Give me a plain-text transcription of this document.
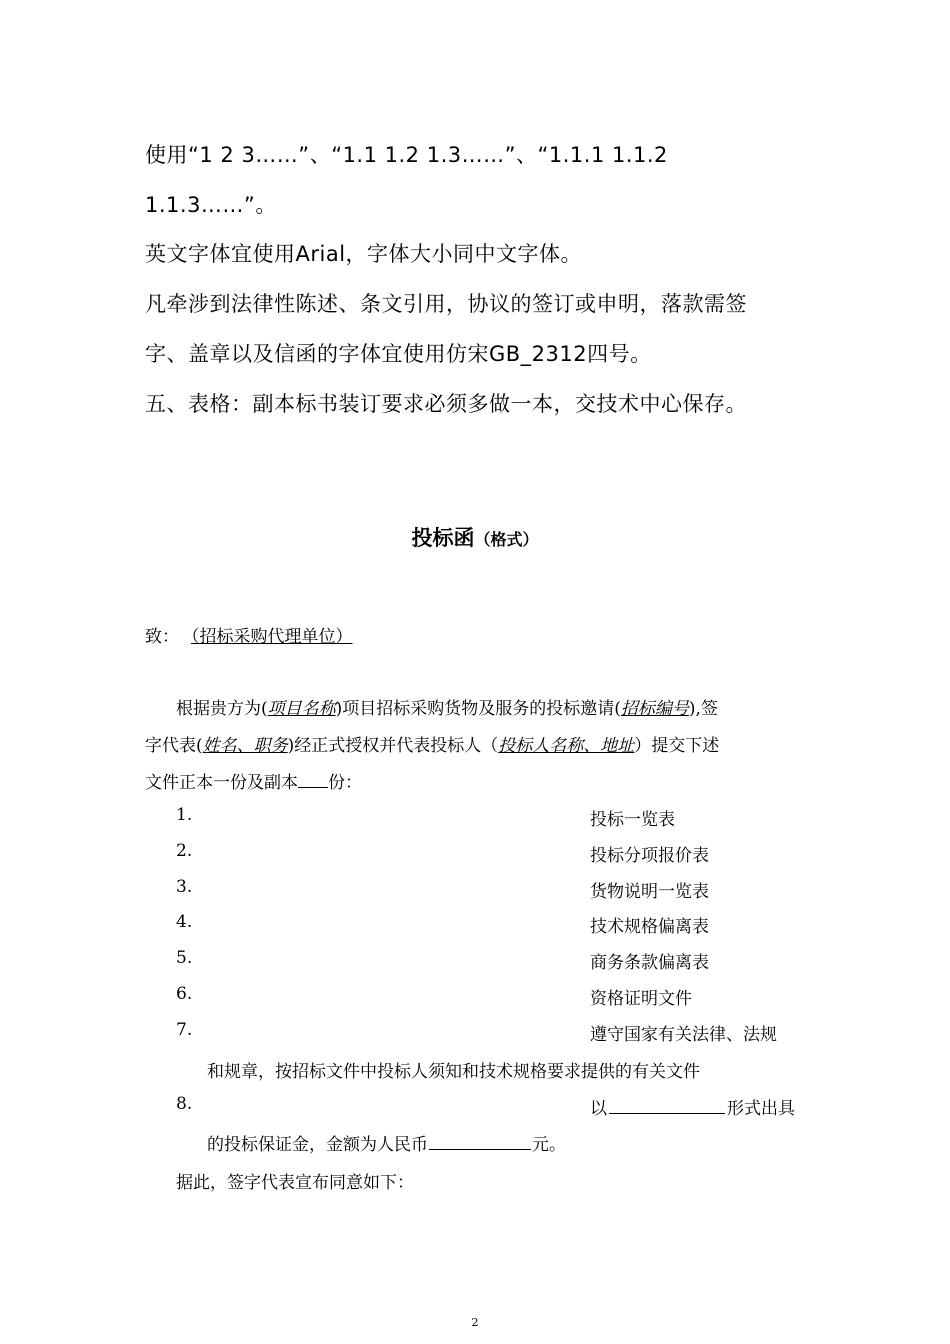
使用“1 2 3……”、“1.1 1.2 1.3……”、“1.1.1 1.1.2
1.1.3……”。
英文字体宜使用Arial，字体大小同中文字体。
凡牵涉到法律性陈述、条文引用，协议的签订或申明，落款需签
字、盖章以及信函的字体宜使用仿宋GB_2312四号。
五、表格：副本标书装订要求必须多做一本，交技术中心保存。
投标函（格式）
致： （招标采购代理单位）
根据贵方为(项目名称)项目招标采购货物及服务的投标邀请(招标编号),签
字代表(姓名、职务)经正式授权并代表投标人（投标人名称、地址）提交下述
文件正本一份及副本 份：
1.	投标一览表
2.	投标分项报价表
3.	货物说明一览表
4.	技术规格偏离表
5.	商务条款偏离表
6.	资格证明文件
7.	遵守国家有关法律、法规
和规章，按招标文件中投标人须知和技术规格要求提供的有关文件
8.	以	形式出具
的投标保证金，金额为人民币	元。
据此，签字代表宣布同意如下：
2
